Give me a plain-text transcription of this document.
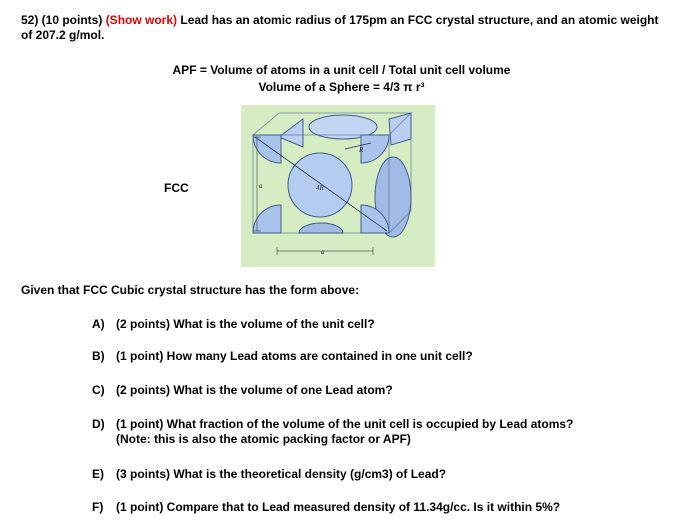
52) (10 points) (Show work) Lead has an atomic radius of 175pm an FCC crystal structure, and an atomic weight of 207.2 g/mol.
APF = Volume of atoms in a unit cell / Total unit cell volume
Volume of a Sphere = 4/3 π r³
FCC
R
4R
a
a
Given that FCC Cubic crystal structure has the form above:
A) (2 points) What is the volume of the unit cell?
B) (1 point) How many Lead atoms are contained in one unit cell?
C) (2 points) What is the volume of one Lead atom?
D) (1 point) What fraction of the volume of the unit cell is occupied by Lead atoms?
(Note: this is also the atomic packing factor or APF)
E) (3 points) What is the theoretical density (g/cm3) of Lead?
F) (1 point) Compare that to Lead measured density of 11.34g/cc. Is it within 5%?
